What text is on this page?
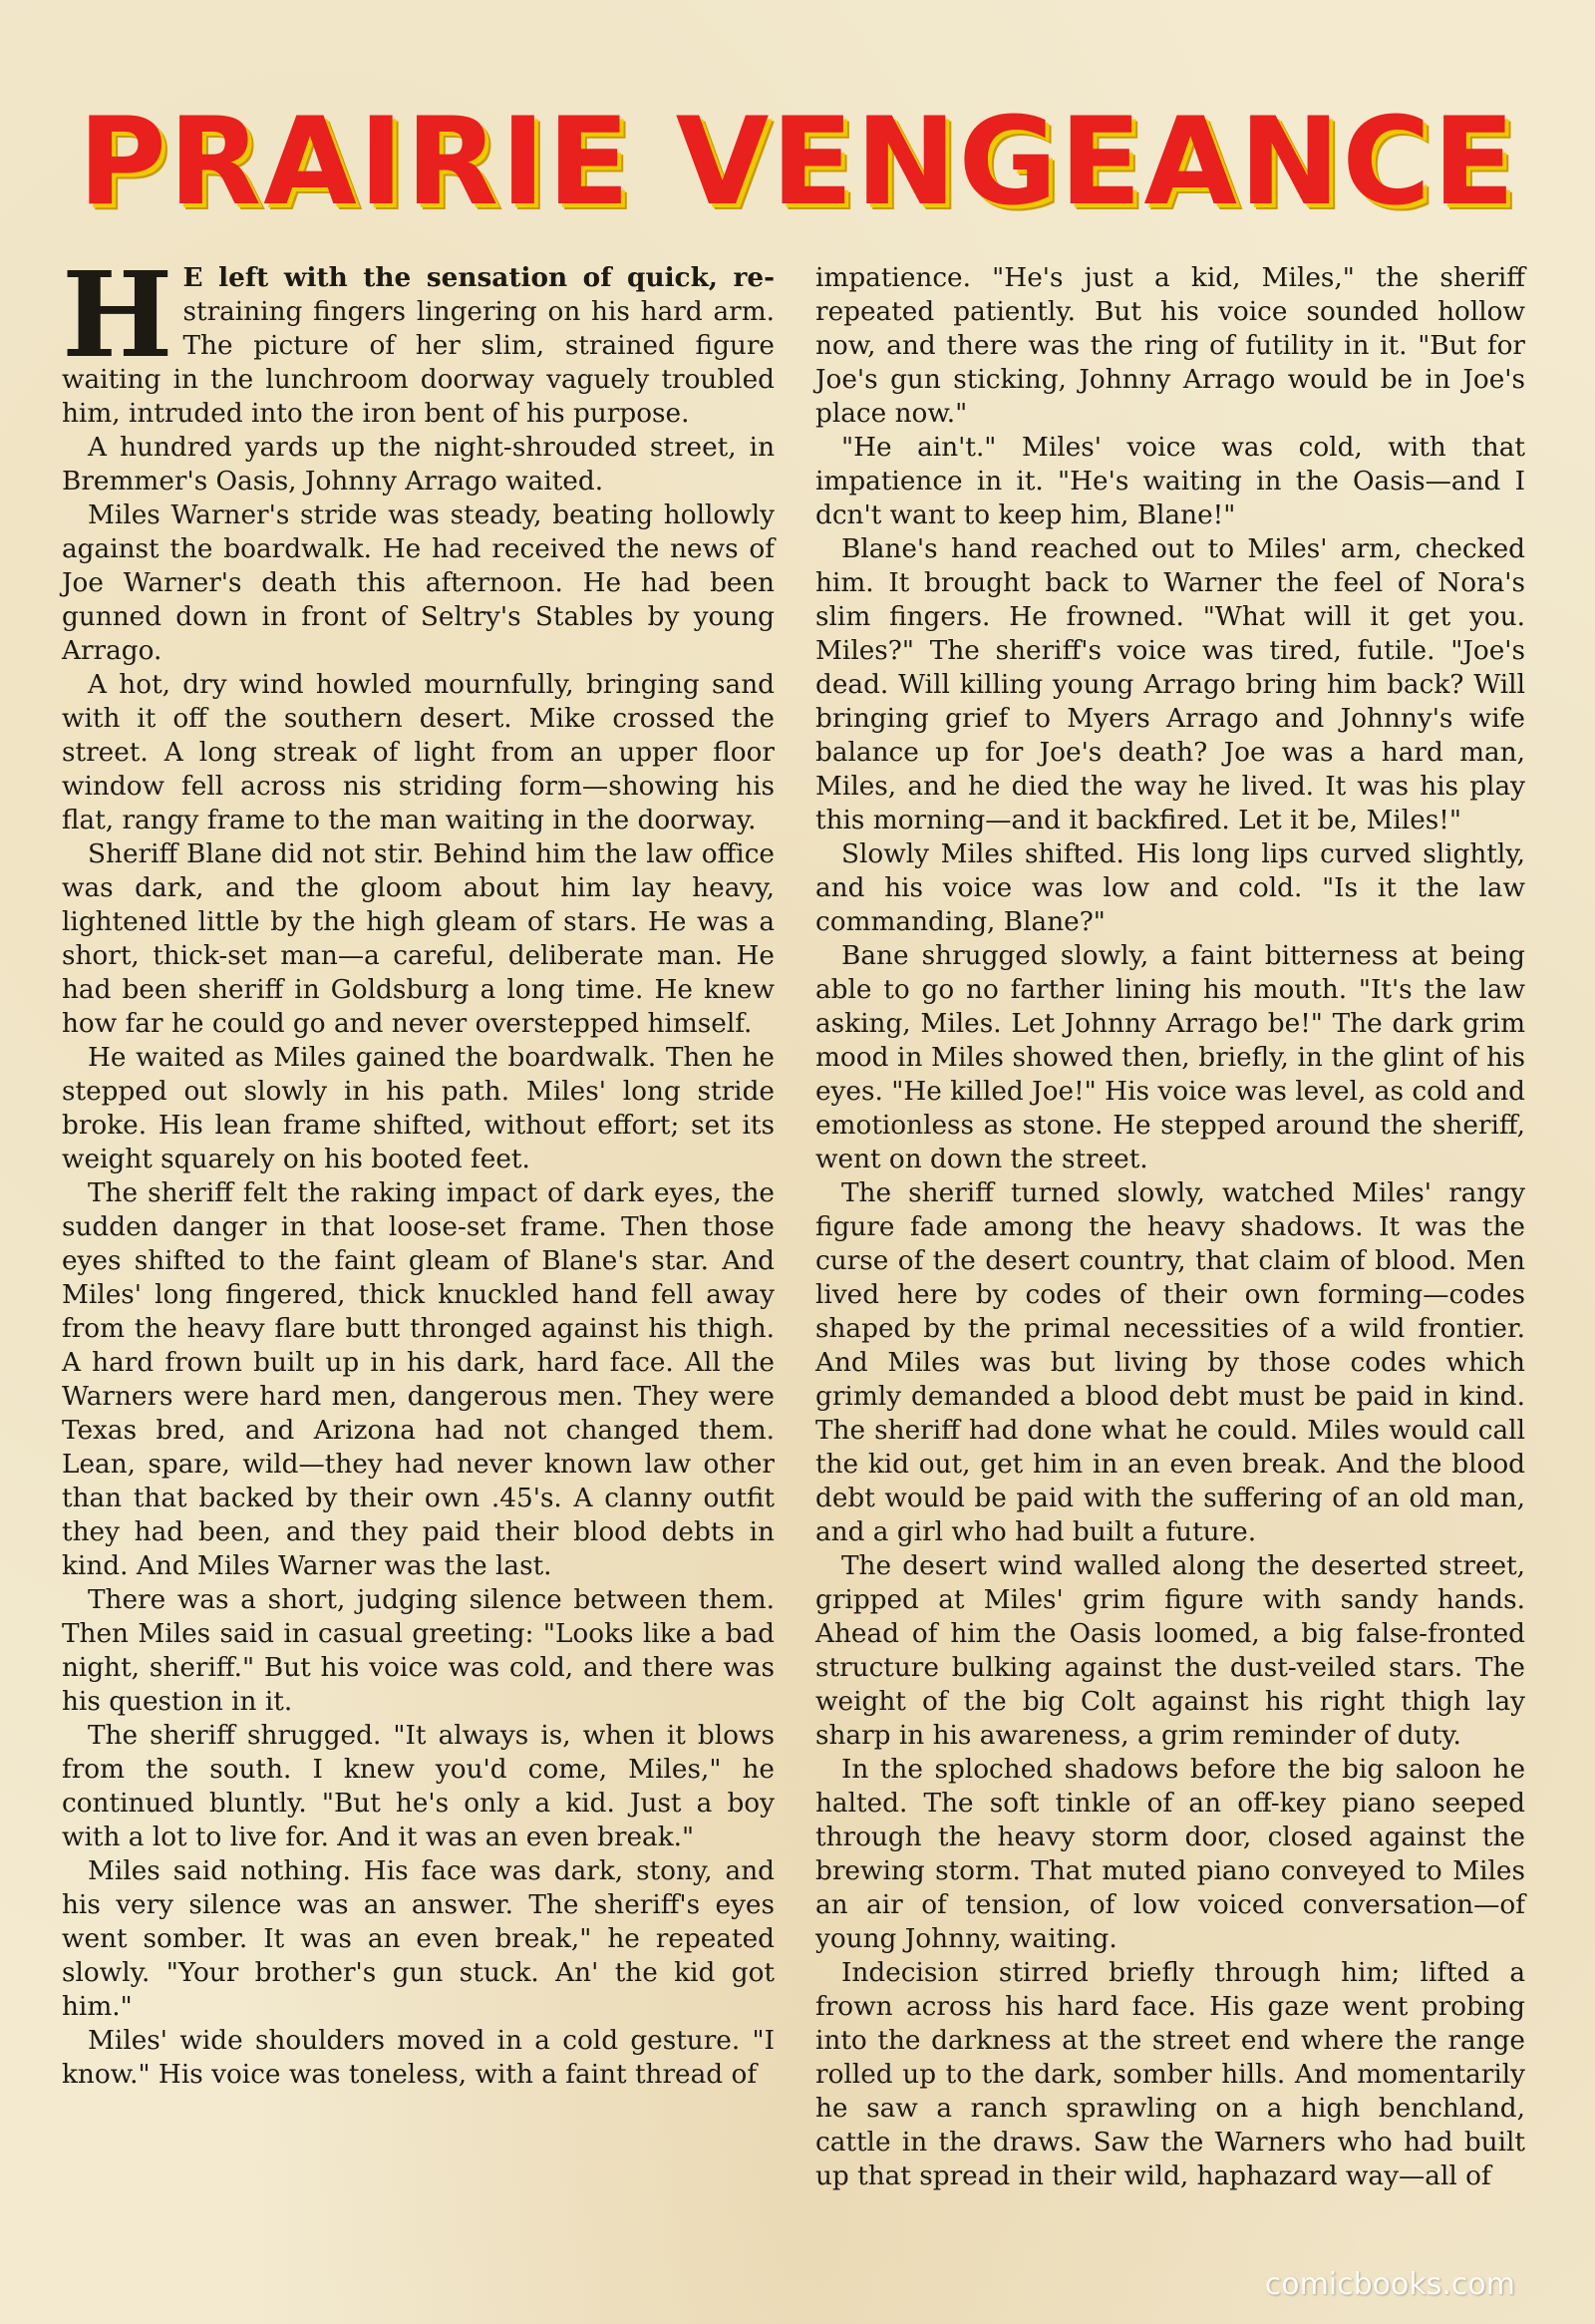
PRAIRIE VENGEANCE

H E left with the sensation of quick, re- straining fingers lingering on his hard arm. The picture of her slim, strained figure waiting in the lunchroom doorway vaguely troubled him, intruded into the iron bent of his purpose.

A hundred yards up the night-shrouded street, in Bremmer's Oasis, Johnny Arrago waited.

Miles Warner's stride was steady, beating hollowly against the boardwalk. He had received the news of Joe Warner's death this afternoon. He had been gunned down in front of Seltry's Stables by young Arrago.

A hot, dry wind howled mournfully, bringing sand with it off the southern desert. Mike crossed the street. A long streak of light from an upper floor window fell across nis striding form—showing his flat, rangy frame to the man waiting in the doorway.

Sheriff Blane did not stir. Behind him the law office was dark, and the gloom about him lay heavy, lightened little by the high gleam of stars. He was a short, thick-set man—a careful, deliberate man. He had been sheriff in Goldsburg a long time. He knew how far he could go and never overstepped himself.

He waited as Miles gained the boardwalk. Then he stepped out slowly in his path. Miles' long stride broke. His lean frame shifted, without effort; set its weight squarely on his booted feet.

The sheriff felt the raking impact of dark eyes, the sudden danger in that loose-set frame. Then those eyes shifted to the faint gleam of Blane's star. And Miles' long fingered, thick knuckled hand fell away from the heavy flare butt thronged against his thigh. A hard frown built up in his dark, hard face. All the Warners were hard men, dangerous men. They were Texas bred, and Arizona had not changed them. Lean, spare, wild—they had never known law other than that backed by their own .45's. A clanny outfit they had been, and they paid their blood debts in kind. And Miles Warner was the last.

There was a short, judging silence between them. Then Miles said in casual greeting: "Looks like a bad night, sheriff." But his voice was cold, and there was his question in it.

The sheriff shrugged. "It always is, when it blows from the south. I knew you'd come, Miles," he continued bluntly. "But he's only a kid. Just a boy with a lot to live for. And it was an even break."

Miles said nothing. His face was dark, stony, and his very silence was an answer. The sheriff's eyes went somber. It was an even break," he repeated slowly. "Your brother's gun stuck. An' the kid got him."

Miles' wide shoulders moved in a cold gesture. "I know." His voice was toneless, with a faint thread of

impatience. "He's just a kid, Miles," the sheriff repeated patiently. But his voice sounded hollow now, and there was the ring of futility in it. "But for Joe's gun sticking, Johnny Arrago would be in Joe's place now."

"He ain't." Miles' voice was cold, with that impatience in it. "He's waiting in the Oasis—and I dcn't want to keep him, Blane!"

Blane's hand reached out to Miles' arm, checked him. It brought back to Warner the feel of Nora's slim fingers. He frowned. "What will it get you. Miles?" The sheriff's voice was tired, futile. "Joe's dead. Will killing young Arrago bring him back? Will bringing grief to Myers Arrago and Johnny's wife balance up for Joe's death? Joe was a hard man, Miles, and he died the way he lived. It was his play this morning—and it backfired. Let it be, Miles!"

Slowly Miles shifted. His long lips curved slightly, and his voice was low and cold. "Is it the law commanding, Blane?"

Bane shrugged slowly, a faint bitterness at being able to go no farther lining his mouth. "It's the law asking, Miles. Let Johnny Arrago be!" The dark grim mood in Miles showed then, briefly, in the glint of his eyes. "He killed Joe!" His voice was level, as cold and emotionless as stone. He stepped around the sheriff, went on down the street.

The sheriff turned slowly, watched Miles' rangy figure fade among the heavy shadows. It was the curse of the desert country, that claim of blood. Men lived here by codes of their own forming—codes shaped by the primal necessities of a wild frontier. And Miles was but living by those codes which grimly demanded a blood debt must be paid in kind. The sheriff had done what he could. Miles would call the kid out, get him in an even break. And the blood debt would be paid with the suffering of an old man, and a girl who had built a future.

The desert wind walled along the deserted street, gripped at Miles' grim figure with sandy hands. Ahead of him the Oasis loomed, a big false-fronted structure bulking against the dust-veiled stars. The weight of the big Colt against his right thigh lay sharp in his awareness, a grim reminder of duty.

In the sploched shadows before the big saloon he halted. The soft tinkle of an off-key piano seeped through the heavy storm door, closed against the brewing storm. That muted piano conveyed to Miles an air of tension, of low voiced conversation—of young Johnny, waiting.

Indecision stirred briefly through him; lifted a frown across his hard face. His gaze went probing into the darkness at the street end where the range rolled up to the dark, somber hills. And momentarily he saw a ranch sprawling on a high benchland, cattle in the draws. Saw the Warners who had built up that spread in their wild, haphazard way—all of

comicbooks.com
